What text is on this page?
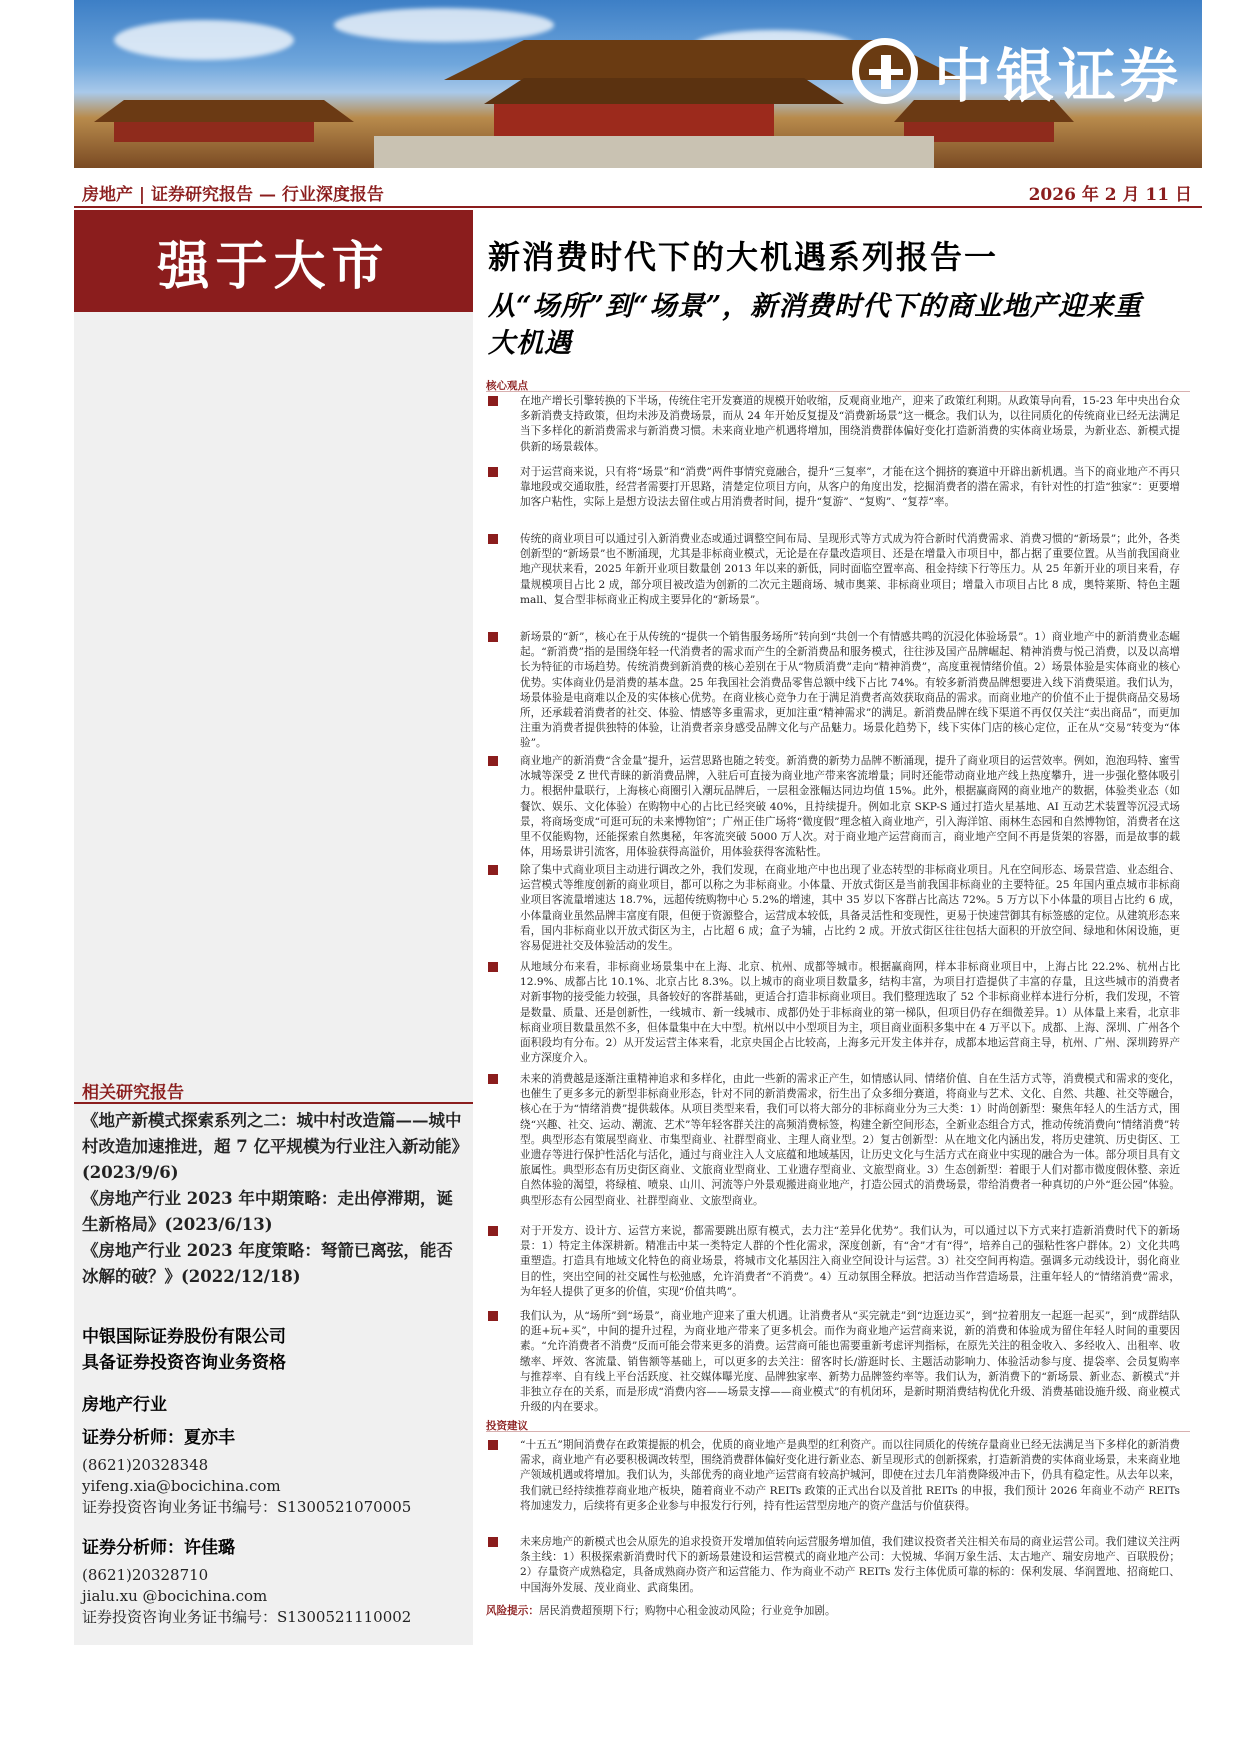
中银证券
房地产 | 证券研究报告 — 行业深度报告	2026 年 2 月 11 日
强于大市
相关研究报告
《地产新模式探索系列之二：城中村改造篇——城中村改造加速推进，超 7 亿平规模为行业注入新动能》(2023/9/6)
《房地产行业 2023 年中期策略：走出停滞期，诞生新格局》(2023/6/13)
《房地产行业 2023 年度策略：弩箭已离弦，能否冰解的破？》(2022/12/18)
中银国际证券股份有限公司
具备证券投资咨询业务资格
房地产行业
证券分析师：夏亦丰
(8621)20328348
yifeng.xia@bocichina.com
证券投资咨询业务证书编号：S1300521070005
证券分析师：许佳璐
(8621)20328710
jialu.xu @bocichina.com
证券投资咨询业务证书编号：S1300521110002
新消费时代下的大机遇系列报告一
从“场所”到“场景”，新消费时代下的商业地产迎来重大机遇
核心观点

在地产增长引擎转换的下半场，传统住宅开发赛道的规模开始收缩，反观商业地产，迎来了政策红利期。从政策导向看，15-23 年中央出台众多新消费支持政策，但均未涉及消费场景，而从 24 年开始反复提及“消费新场景”这一概念。我们认为，以往同质化的传统商业已经无法满足当下多样化的新消费需求与新消费习惯。未来商业地产机遇将增加，围绕消费群体偏好变化打造新消费的实体商业场景，为新业态、新模式提供新的场景载体。

对于运营商来说，只有将“场景”和“消费”两件事情究竟融合，提升“三复率”，才能在这个拥挤的赛道中开辟出新机遇。当下的商业地产不再只靠地段或交通取胜，经营者需要打开思路，清楚定位项目方向，从客户的角度出发，挖掘消费者的潜在需求，有针对性的打造“独家”：更要增加客户粘性，实际上是想方设法去留住或占用消费者时间，提升“复游”、“复购”、“复荐”率。

传统的商业项目可以通过引入新消费业态或通过调整空间布局、呈现形式等方式成为符合新时代消费需求、消费习惯的“新场景”；此外，各类创新型的“新场景”也不断涌现，尤其是非标商业模式，无论是在存量改造项目、还是在增量入市项目中，都占据了重要位置。从当前我国商业地产现状来看，2025 年新开业项目数量创 2013 年以来的新低，同时面临空置率高、租金持续下行等压力。从 25 年新开业的项目来看，存量规模项目占比 2 成，部分项目被改造为创新的二次元主题商场、城市奥莱、非标商业项目；增量入市项目占比 8 成，奥特莱斯、特色主题 mall、复合型非标商业正构成主要异化的“新场景”。

新场景的“新”，核心在于从传统的“提供一个销售服务场所”转向到“共创一个有情感共鸣的沉浸化体验场景”。1）商业地产中的新消费业态崛起。“新消费”指的是围绕年轻一代消费者的需求而产生的全新消费品和服务模式，往往涉及国产品牌崛起、精神消费与悦己消费，以及以高增长为特征的市场趋势。传统消费到新消费的核心差别在于从“物质消费”走向“精神消费”，高度重视情绪价值。2）场景体验是实体商业的核心优势。实体商业仍是消费的基本盘。25 年我国社会消费品零售总额中线下占比 74%。有较多新消费品牌想要进入线下消费渠道。我们认为，场景体验是电商难以企及的实体核心优势。在商业核心竞争力在于满足消费者高效获取商品的需求。而商业地产的价值不止于提供商品交易场所，还承载着消费者的社交、体验、情感等多重需求，更加注重“精神需求”的满足。新消费品牌在线下渠道不再仅仅关注“卖出商品”，而更加注重为消费者提供独特的体验，让消费者亲身感受品牌文化与产品魅力。场景化趋势下，线下实体门店的核心定位，正在从“交易”转变为“体验”。

商业地产的新消费“含金量”提升，运营思路也随之转变。新消费的新势力品牌不断涌现，提升了商业项目的运营效率。例如，泡泡玛特、蜜雪冰城等深受 Z 世代青睐的新消费品牌，入驻后可直接为商业地产带来客流增量；同时还能带动商业地产线上热度攀升，进一步强化整体吸引力。根据仲量联行，上海核心商圈引入潮玩品牌后，一层租金涨幅达同边均值 15%。此外，根据赢商网的商业地产的数据，体验类业态（如餐饮、娱乐、文化体验）在购物中心的占比已经突破 40%，且持续提升。例如北京 SKP-S 通过打造火星基地、AI 互动艺术装置等沉浸式场景，将商场变成“可逛可玩的未来博物馆”；广州正佳广场将“微度假”理念植入商业地产，引入海洋馆、雨林生态园和自然博物馆，消费者在这里不仅能购物，还能探索自然奥秘，年客流突破 5000 万人次。对于商业地产运营商而言，商业地产空间不再是货架的容器，而是故事的载体，用场景讲引流客，用体验获得高溢价，用体验获得客流粘性。

除了集中式商业项目主动进行调改之外，我们发现，在商业地产中也出现了业态转型的非标商业项目。凡在空间形态、场景营造、业态组合、运营模式等维度创新的商业项目，都可以称之为非标商业。小体量、开放式街区是当前我国非标商业的主要特征。25 年国内重点城市非标商业项目客流量增速达 18.7%，远超传统购物中心 5.2%的增速，其中 35 岁以下客群占比高达 72%。5 万方以下小体量的项目占比约 6 成，小体量商业虽然品牌丰富度有限，但便于资源整合，运营成本较低，具备灵活性和变现性，更易于快速营御其有标签感的定位。从建筑形态来看，国内非标商业以开放式街区为主，占比超 6 成；盒子为辅，占比约 2 成。开放式街区往往包括大面积的开放空间、绿地和休闲设施，更容易促进社交及体验活动的发生。

从地域分布来看，非标商业场景集中在上海、北京、杭州、成都等城市。根据赢商网，样本非标商业项目中，上海占比 22.2%、杭州占比 12.9%、成都占比 10.1%、北京占比 8.3%。以上城市的商业项目数量多，结构丰富，为项目打造提供了丰富的存量，且这些城市的消费者对新事物的接受能力较强，具备较好的客群基础，更适合打造非标商业项目。我们整理选取了 52 个非标商业样本进行分析，我们发现，不管是数量、质量、还是创新性，一线城市、新一线城市、成都仍处于非标商业的第一梯队，但项目仍存在细微差异。1）从体量上来看，北京非标商业项目数量虽然不多，但体量集中在大中型。杭州以中小型项目为主，项目商业面积多集中在 4 万平以下。成都、上海、深圳、广州各个面积段均有分布。2）从开发运营主体来看，北京央国企占比较高，上海多元开发主体并存，成都本地运营商主导，杭州、广州、深圳跨界产业方深度介入。

未来的消费越是逐渐注重精神追求和多样化，由此一些新的需求正产生，如情感认同、情绪价值、自在生活方式等，消费模式和需求的变化，也催生了更多多元的新型非标商业形态，针对不同的新消费需求，衍生出了众多细分赛道，将商业与艺术、文化、自然、共趣、社交等融合，核心在于为“情绪消费”提供载体。从项目类型来看，我们可以将大部分的非标商业分为三大类：1）时尚创新型：聚焦年轻人的生活方式，围绕“兴趣、社交、运动、潮流、艺术”等年轻客群关注的高频消费标签，构建全新空间形态，全新业态组合方式，推动传统消费向“情绪消费”转型。典型形态有策展型商业、市集型商业、社群型商业、主理人商业型。2）复古创新型：从在地文化内涵出发，将历史建筑、历史街区、工业遗存等进行保护性活化与活化，通过与商业注入人文底蕴和地域基因，让历史文化与生活方式在商业中实现的融合为一体。部分项目具有文旅属性。典型形态有历史街区商业、文旅商业型商业、工业遗存型商业、文旅型商业。3）生态创新型：着眼于人们对都市微度假休整、亲近自然体验的渴望，将绿植、喷泉、山川、河流等户外景观搬进商业地产，打造公园式的消费场景，带给消费者一种真切的户外“逛公园”体验。典型形态有公园型商业、社群型商业、文旅型商业。

对于开发方、设计方、运营方来说，都需要跳出原有模式，去力注“差异化优势”。我们认为，可以通过以下方式来打造新消费时代下的新场景：1）特定主体深耕新。精准击中某一类特定人群的个性化需求，深度创新，有“舍”才有“得”，培养自己的强粘性客户群体。2）文化共鸣重塑造。打造具有地域文化特色的商业场景，将城市文化基因注入商业空间设计与运营。3）社交空间再构造。强调多元动线设计，弱化商业目的性，突出空间的社交属性与松弛感，允许消费者“不消费”。4）互动氛围全释放。把活动当作营造场景，注重年轻人的“情绪消费”需求，为年轻人提供了更多的价值，实现“价值共鸣”。

我们认为，从“场所”到“场景”，商业地产迎来了重大机遇。让消费者从“买完就走”到“边逛边买”，到“拉着朋友一起逛一起买”，到“成群结队的逛+玩+买”，中间的提升过程，为商业地产带来了更多机会。而作为商业地产运营商来说，新的消费和体验成为留住年轻人时间的重要因素。“允许消费者不消费”反而可能会带来更多的消费。运营商可能也需要重新考虑评判指标，在原先关注的租金收入、多经收入、出租率、收缴率、坪效、客流量、销售额等基础上，可以更多的去关注：留客时长/游逛时长、主题活动影响力、体验活动参与度、提袋率、会员复购率与推荐率、自有线上平台活跃度、社交媒体曝光度、品牌独家率、新势力品牌签约率等。我们认为，新消费下的“新场景、新业态、新模式”并非独立存在的关系，而是形成“消费内容——场景支撑——商业模式”的有机闭环，是新时期消费结构优化升级、消费基础设施升级、商业模式升级的内在要求。

投资建议

“十五五”期间消费存在政策提振的机会，优质的商业地产是典型的红利资产。而以往同质化的传统存量商业已经无法满足当下多样化的新消费需求，商业地产有必要积极调改转型，围绕消费群体偏好变化进行新业态、新呈现形式的创新探索，打造新消费的实体商业场景，未来商业地产领域机遇或将增加。我们认为，头部优秀的商业地产运营商有较高护城河，即使在过去几年消费降级冲击下，仍具有稳定性。从去年以来，我们就已经持续推荐商业地产板块，随着商业不动产 REITs 政策的正式出台以及首批 REITs 的申报，我们预计 2026 年商业不动产 REITs 将加速发力，后续将有更多企业参与申报发行行列，持有性运营型房地产的资产盘活与价值获得。

未来房地产的新模式也会从原先的追求投资开发增加值转向运营服务增加值，我们建议投资者关注相关布局的商业运营公司。我们建议关注两条主线：1）积极探索新消费时代下的新场景建设和运营模式的商业地产公司：大悦城、华润万象生活、太古地产、瑞安房地产、百联股份；2）存量资产成熟稳定，具备成熟商办资产和运营能力、作为商业不动产 REITs 发行主体优质可靠的标的：保利发展、华润置地、招商蛇口、中国海外发展、茂业商业、武商集团。

风险提示：居民消费超预期下行；购物中心租金波动风险；行业竞争加剧。
